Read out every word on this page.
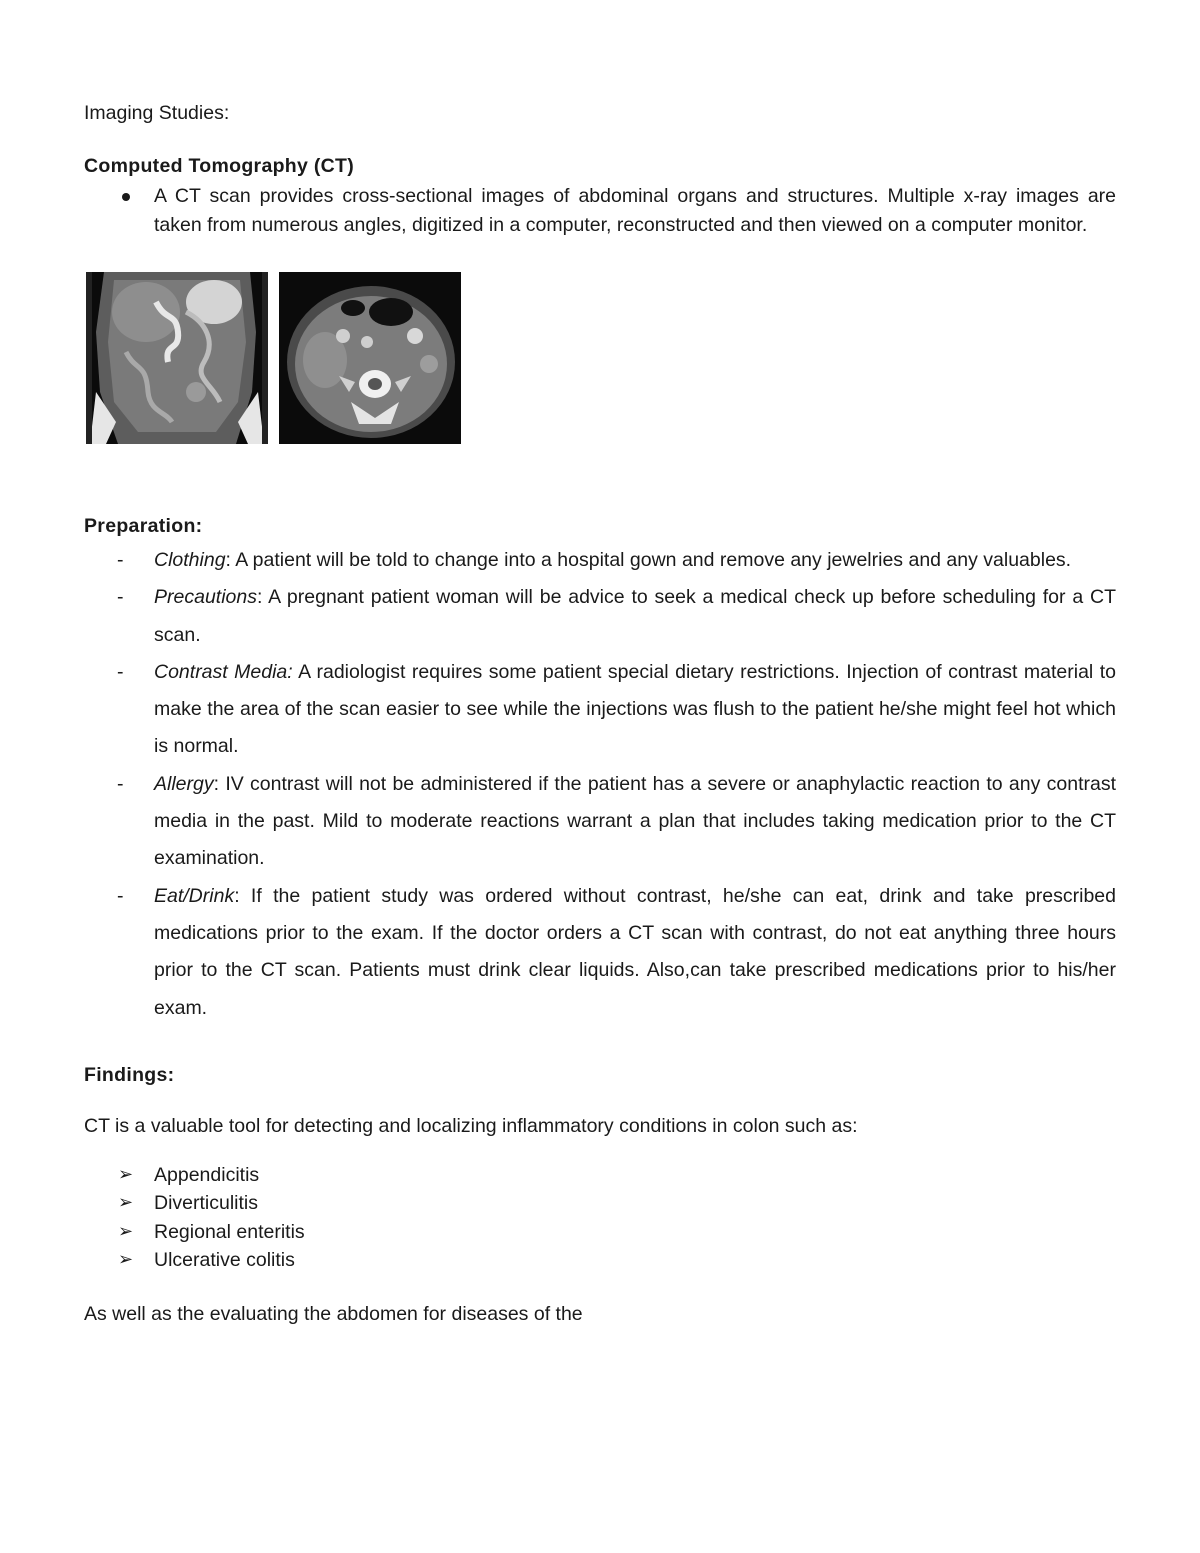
Imaging Studies:

Computed Tomography (CT)

A CT scan provides cross-sectional images of abdominal organs and structures. Multiple x-ray images are taken from numerous angles, digitized in a computer, reconstructed and then viewed on a computer monitor.

Preparation:

- Clothing: A patient will be told to change into a hospital gown and remove any jewelries and any valuables.
- Precautions: A pregnant patient woman will be advice to seek a medical check up before scheduling for a CT scan.
- Contrast Media: A radiologist requires some patient special dietary restrictions. Injection of contrast material to make the area of the scan easier to see while the injections was flush to the patient he/she might feel hot which is normal.
- Allergy: IV contrast will not be administered if the patient has a severe or anaphylactic reaction to any contrast media in the past. Mild to moderate reactions warrant a plan that includes taking medication prior to the CT examination.
- Eat/Drink: If the patient study was ordered without contrast, he/she can eat, drink and take prescribed medications prior to the exam. If the doctor orders a CT scan with contrast, do not eat anything three hours prior to the CT scan. Patients must drink clear liquids. Also,can take prescribed medications prior to his/her exam.

Findings:

CT is a valuable tool for detecting and localizing inflammatory conditions in colon such as:

➢ Appendicitis
➢ Diverticulitis
➢ Regional enteritis
➢ Ulcerative colitis

As well as the evaluating the abdomen for diseases of the
